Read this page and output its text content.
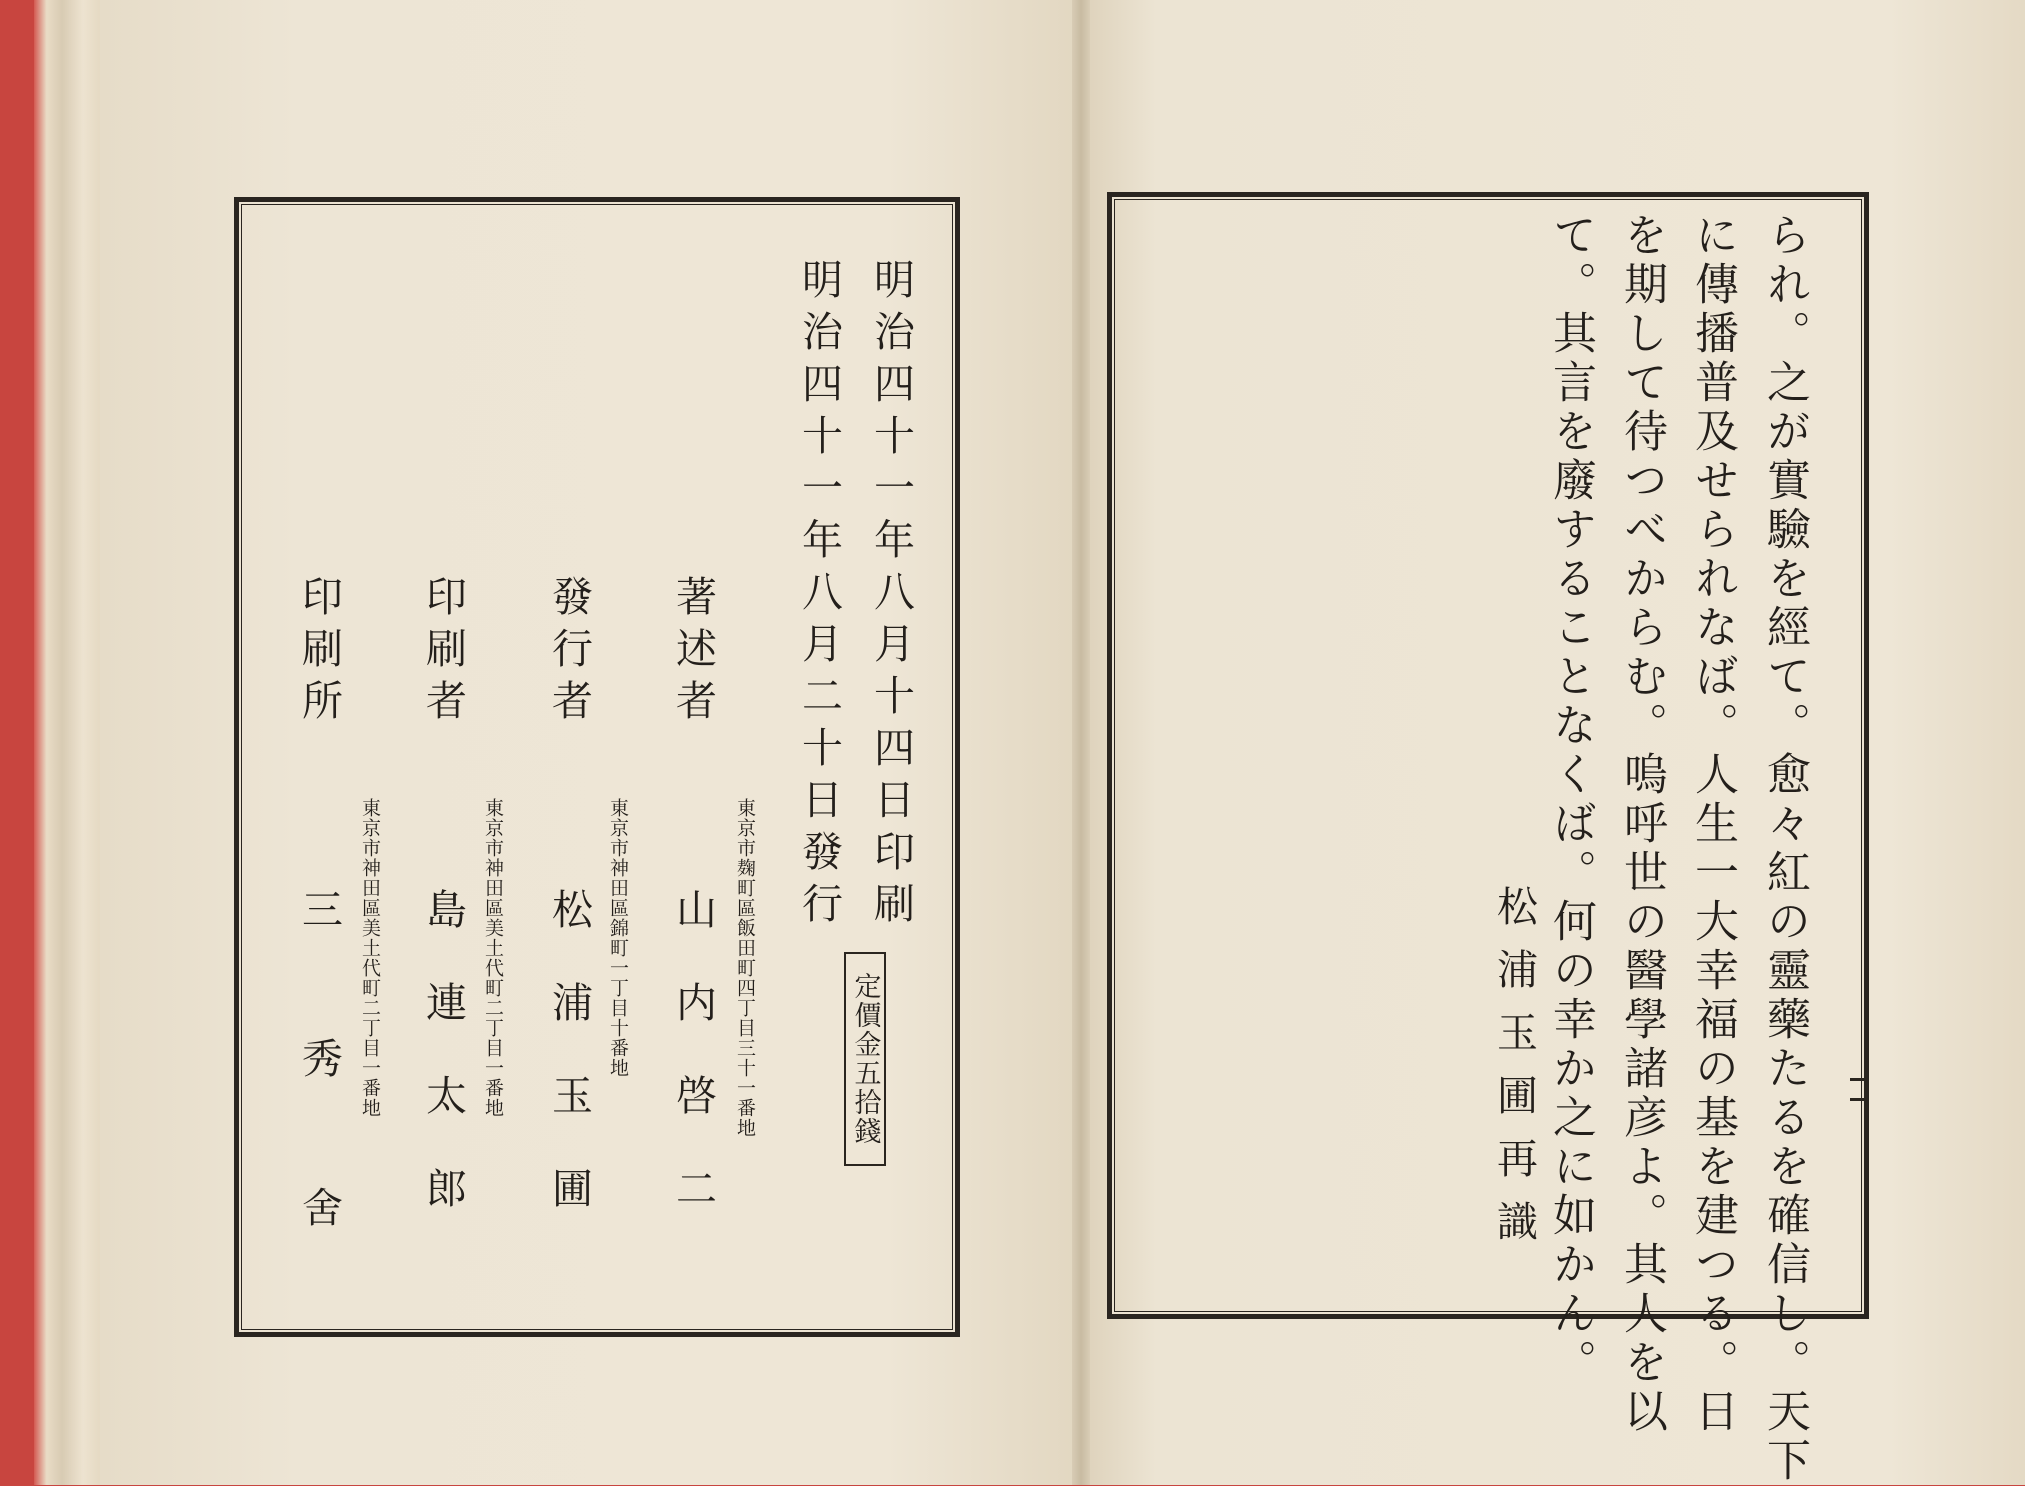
明治四十一年八月十四日印刷
明治四十一年八月二十日發行
定價金五拾錢
著述者
山内啓二 東京市麹町區飯田町四丁目三十一番地
發行者
松浦玉圃 東京市神田區錦町一丁目十番地
印刷者
島連太郎 東京市神田區美土代町二丁目一番地
印刷所
三秀舍 東京市神田區美土代町二丁目一番地	られ。之が實驗を經て。愈々紅の靈藥たるを確信し。天下
に傳播普及せられなば。人生一大幸福の基を建つる。日
を期して待つべからむ。嗚呼世の醫學諸彦よ。其人を以
て。其言を廢することなくば。何の幸か之に如かん。
松浦玉圃再識
